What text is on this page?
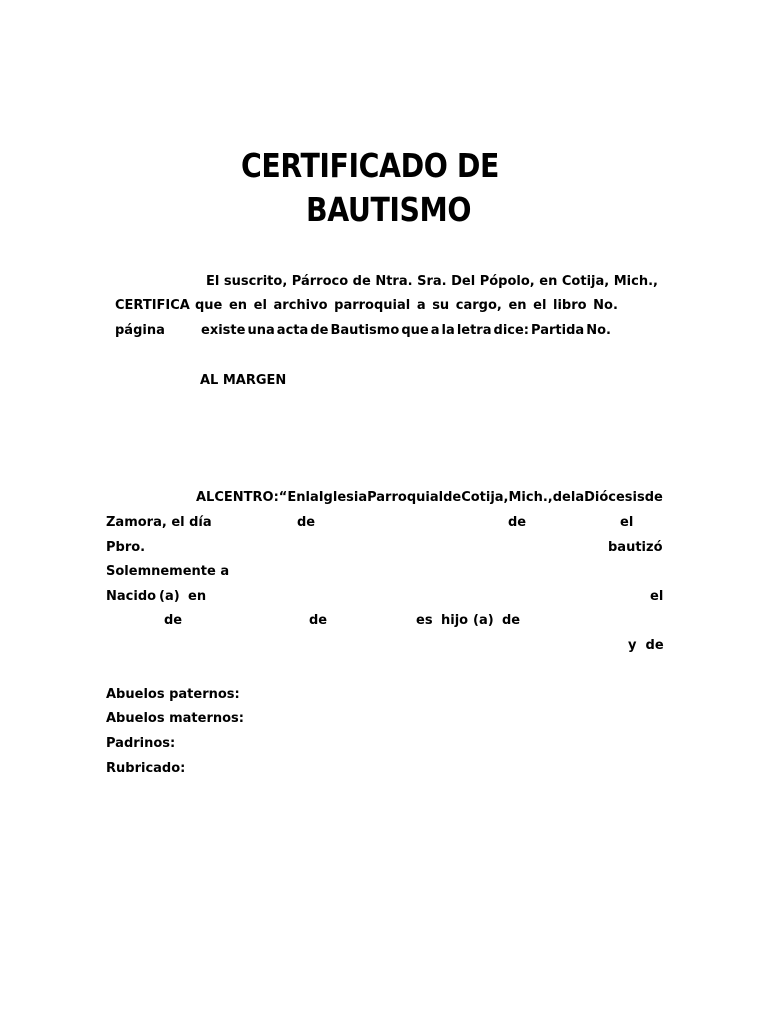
CERTIFICADO DE
BAUTISMO
El suscrito, Párroco de Ntra. Sra. Del Pópolo, en Cotija, Mich.,
CERTIFICA que en el archivo parroquial a su cargo, en el libro No.
página	existe una acta de Bautismo que a la letra dice: Partida No.
AL MARGEN
AL CENTRO: “En la Iglesia Parroquial de Cotija, Mich., de la Diócesis de
Zamora, el día	de	de	el
Pbro.	bautizó
Solemnemente a
Nacido (a) en	el
de	de	es hijo (a) de
y  de
Abuelos paternos:
Abuelos maternos:
Padrinos:
Rubricado:
